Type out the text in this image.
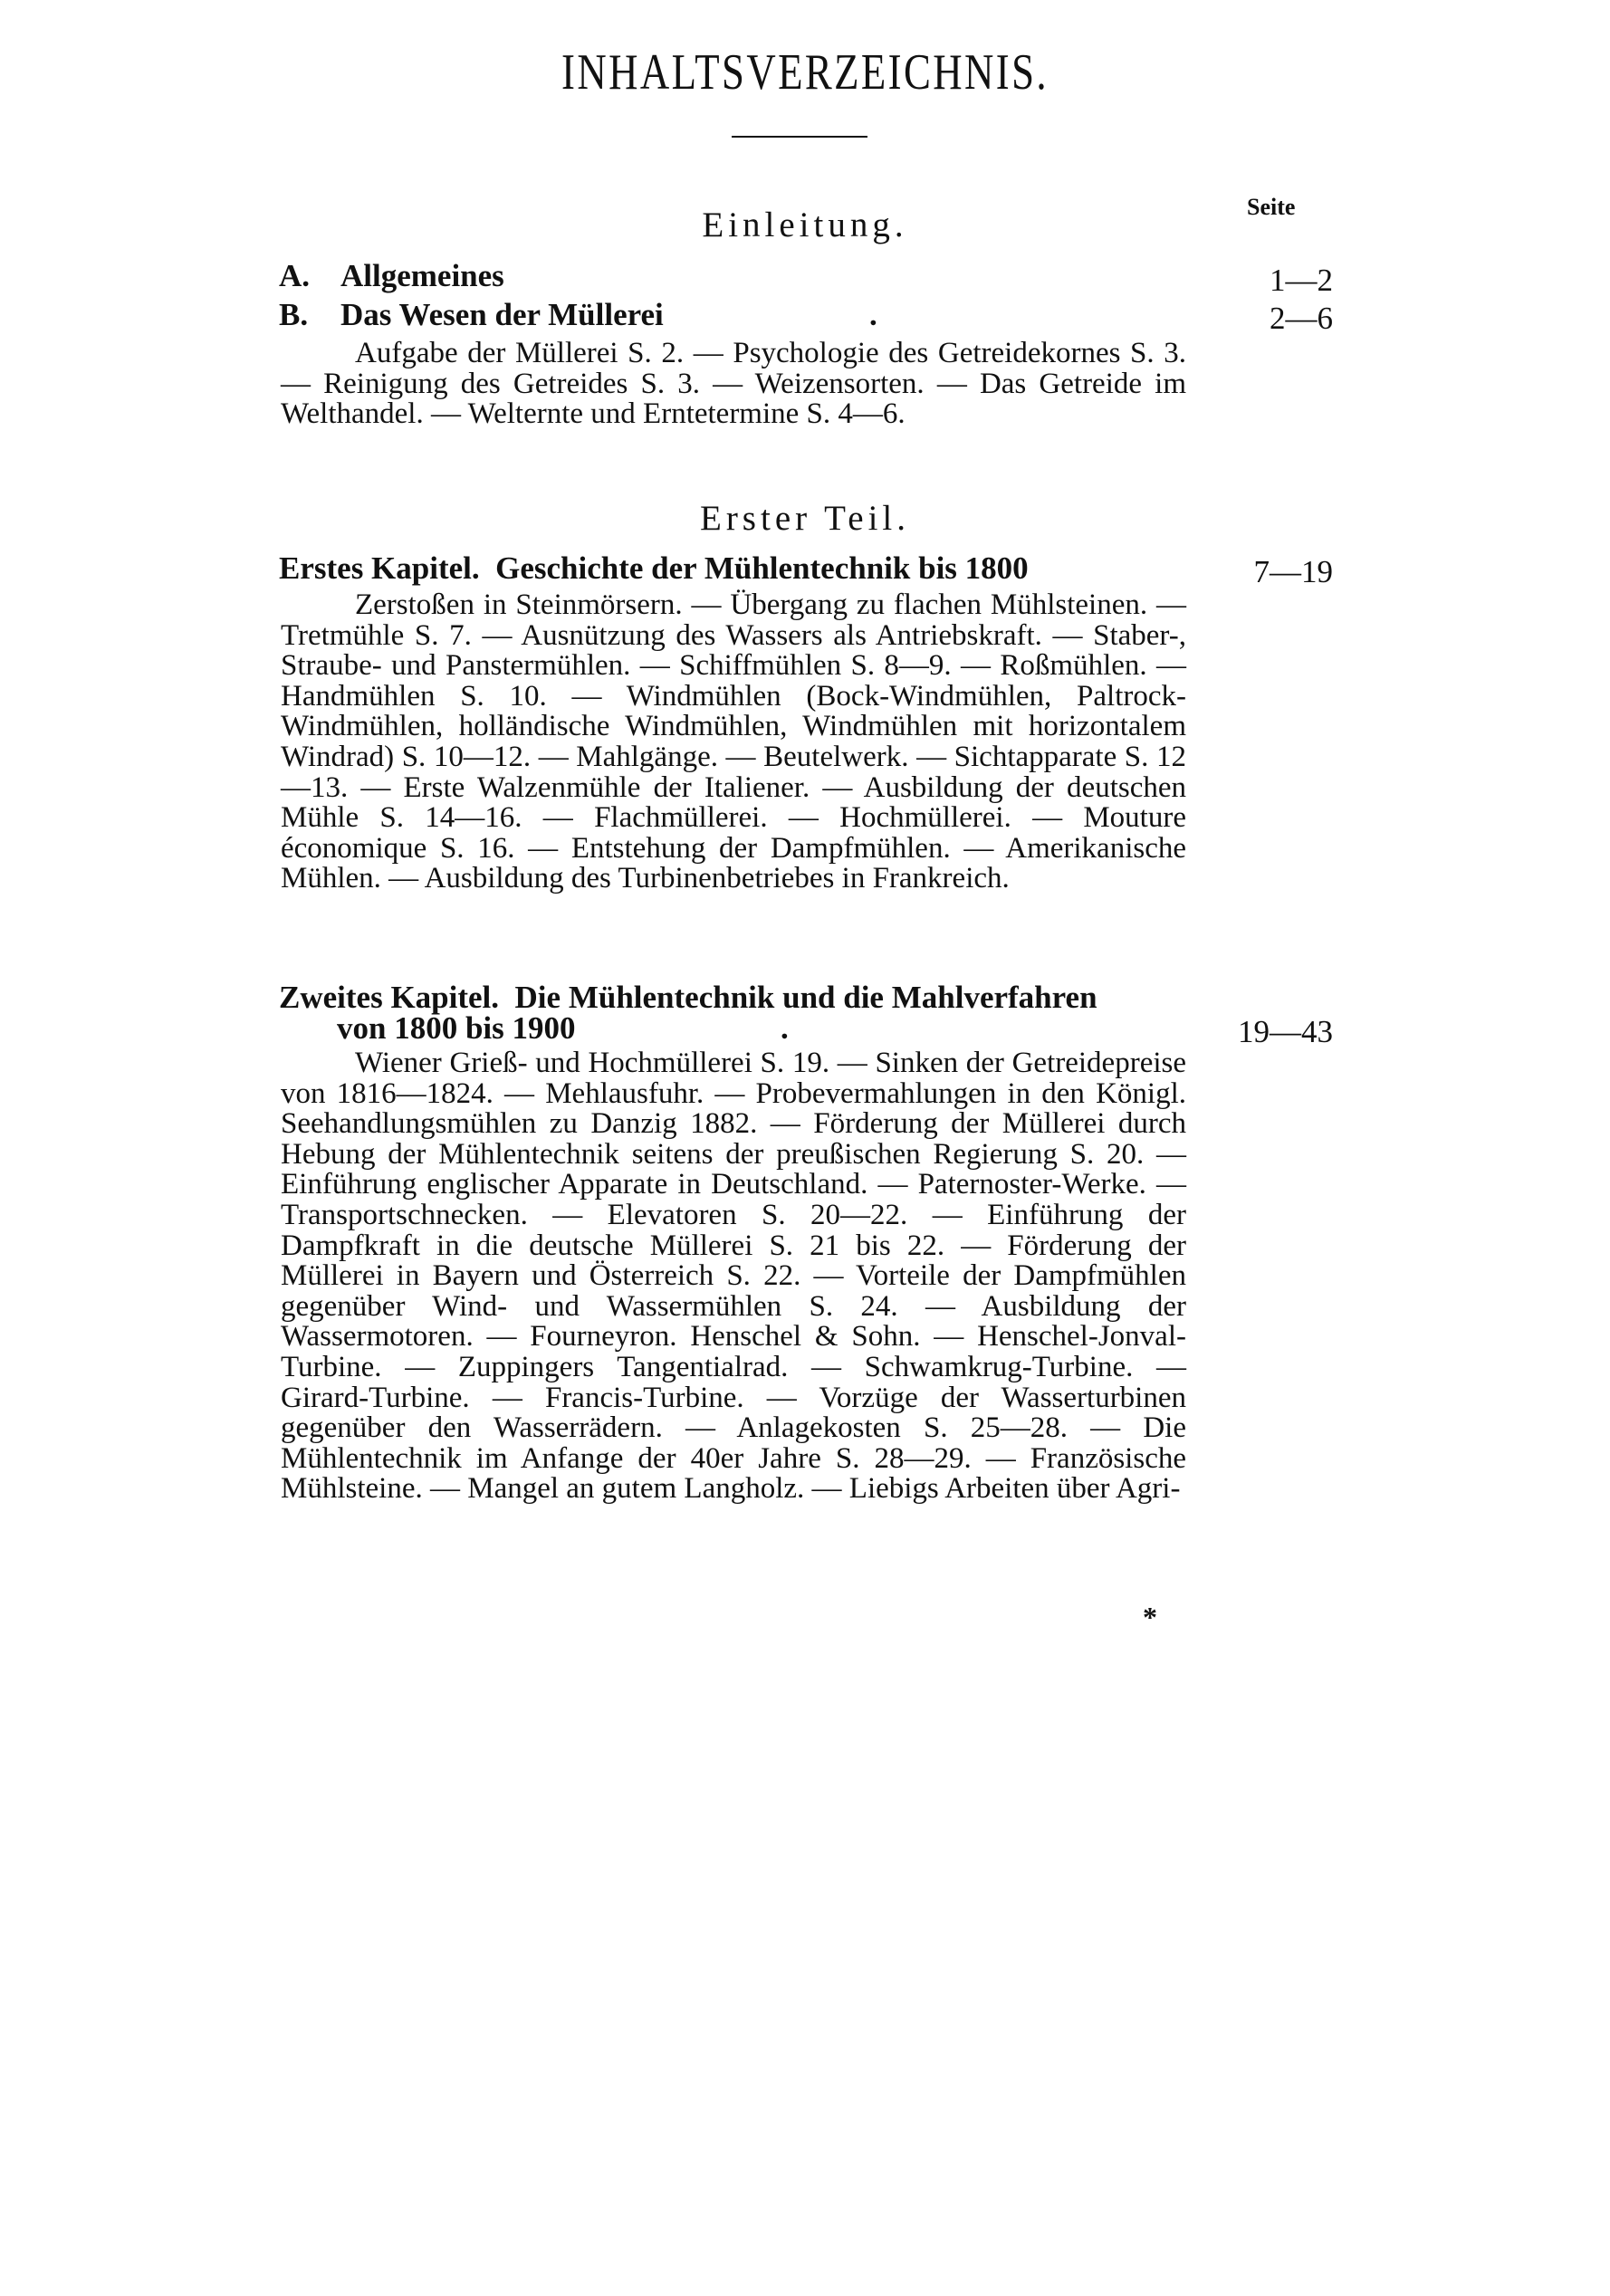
INHALTSVERZEICHNIS.
Seite
Einleitung.
A. Allgemeines	1—2
B. Das Wesen der Müllerei	.	2—6
Aufgabe der Müllerei S. 2. — Psychologie des Getreidekornes S. 3. — Reinigung des Getreides S. 3. — Weizensorten. — Das Getreide im Welthandel. — Welternte und Erntetermine S. 4—6.
Erster Teil.
Erstes Kapitel. Geschichte der Mühlentechnik bis 1800	7—19
Zerstoßen in Steinmörsern. — Übergang zu flachen Mühlsteinen. — Tretmühle S. 7. — Ausnützung des Wassers als Antriebskraft. — Staber-, Straube- und Panstermühlen. — Schiffmühlen S. 8—9. — Roßmühlen. — Handmühlen S. 10. — Windmühlen (Bock-Windmühlen, Paltrock-Windmühlen, holländische Windmühlen, Windmühlen mit horizontalem Windrad) S. 10—12. — Mahlgänge. — Beutelwerk. — Sichtapparate S. 12—13. — Erste Walzenmühle der Italiener. — Ausbildung der deutschen Mühle S. 14—16. — Flachmüllerei. — Hochmüllerei. — Mouture économique S. 16. — Entstehung der Dampfmühlen. — Amerikanische Mühlen. — Ausbildung des Turbinenbetriebes in Frankreich.
Zweites Kapitel. Die Mühlentechnik und die Mahlverfahren
von 1800 bis 1900	.	19—43
Wiener Grieß- und Hochmüllerei S. 19. — Sinken der Getreidepreise von 1816—1824. — Mehlausfuhr. — Probevermahlungen in den Königl. Seehandlungsmühlen zu Danzig 1882. — Förderung der Müllerei durch Hebung der Mühlentechnik seitens der preußischen Regierung S. 20. — Einführung englischer Apparate in Deutschland. — Paternoster-Werke. — Transportschnecken. — Elevatoren S. 20—22. — Einführung der Dampfkraft in die deutsche Müllerei S. 21 bis 22. — Förderung der Müllerei in Bayern und Österreich S. 22. — Vorteile der Dampfmühlen gegenüber Wind- und Wassermühlen S. 24. — Ausbildung der Wassermotoren. — Fourneyron. Henschel & Sohn. — Henschel-Jonval-Turbine. — Zuppingers Tangentialrad. — Schwamkrug-Turbine. — Girard-Turbine. — Francis-Turbine. — Vorzüge der Wasserturbinen gegenüber den Wasserrädern. — Anlagekosten S. 25—28. — Die Mühlentechnik im Anfange der 40er Jahre S. 28—29. — Französische Mühlsteine. — Mangel an gutem Langholz. — Liebigs Arbeiten über Agri-
*
